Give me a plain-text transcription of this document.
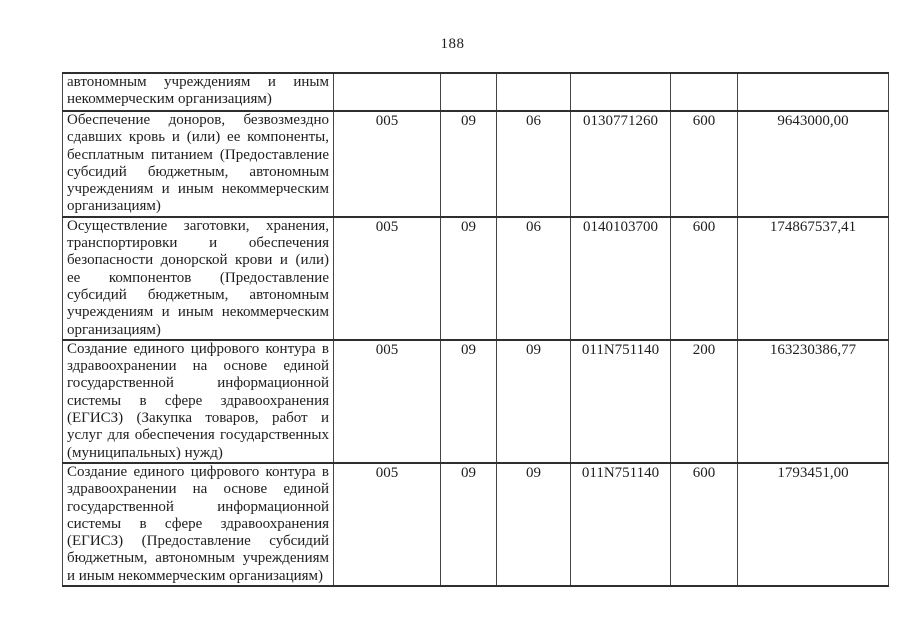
188
автономным учреждениям и иным некоммерческим организациям)						
Обеспечение доноров, безвозмездно сдавших кровь и (или) ее компоненты, бесплатным питанием (Предоставление субсидий бюджетным, автономным учреждениям и иным некоммерческим организациям)	005	09	06	0130771260	600	9643000,00
Осуществление заготовки, хранения, транспортировки и обеспечения безопасности донорской крови и (или) ее компонентов (Предоставление субсидий бюджетным, автономным учреждениям и иным некоммерческим организациям)	005	09	06	0140103700	600	174867537,41
Создание единого цифрового контура в здравоохранении на основе единой государственной информационной системы в сфере здравоохранения (ЕГИСЗ) (Закупка товаров, работ и услуг для обеспечения государственных (муниципальных) нужд)	005	09	09	011N751140	200	163230386,77
Создание единого цифрового контура в здравоохранении на основе единой государственной информационной системы в сфере здравоохранения (ЕГИСЗ) (Предоставление субсидий бюджетным, автономным учреждениям и иным некоммерческим организациям)	005	09	09	011N751140	600	1793451,00
